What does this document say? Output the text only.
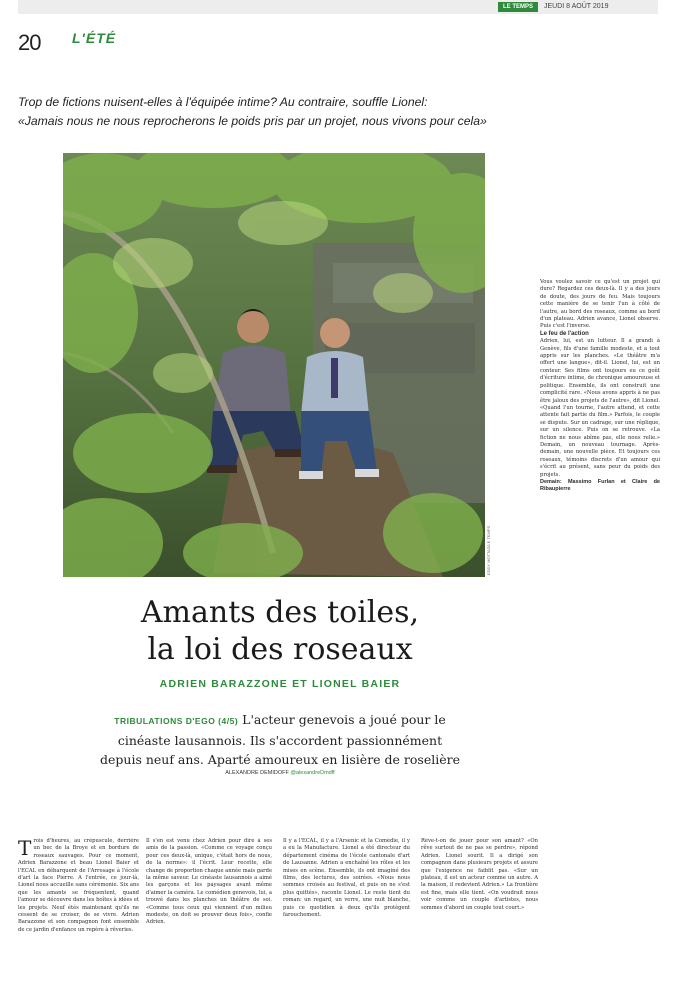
LE TEMPS	JEUDI 8 AOÛT 2019
20 L'ÉTÉ
Trop de fictions nuisent-elles à l'équipée intime? Au contraire, souffle Lionel:
«Jamais nous ne nous reprocherons le poids pris par un projet, nous vivons pour cela»
EDDY MOTTAZ/LE TEMPS
Amants des toiles,
la loi des roseaux
ADRIEN BARAZZONE ET LIONEL BAIER
TRIBULATIONS D'EGO (4/5) L'acteur genevois a joué pour le cinéaste lausannois. Ils s'accordent passionnément depuis neuf ans. Aparté amoureux en lisière de roselière
ALEXANDRE DEMIDOFF @alexandreDmdff
T rois d'heures, au crépuscule, derrière un bec de la Broye et en bordure de roseaux sauvages. Pour ce moment, Adrien Barazzone et beau Lionel Baier et l'ECAL en débarquent de l'Arrosage à l'école d'art la face Pierre. A l'entrée, ce jour-là, Lionel nous accueille sans cérémonie. Six ans que les amants se fréquentent, quand l'amour se découvre dans les boîtes à idées et les projets. Neuf étés maintenant qu'ils ne cessent de se croiser, de se vivre. Adrien Barazzone et son compagnon font ensemble de ce jardin d'enfance un repère à rêveries.

Il s'en est venu chez Adrien pour dire à ses amis de la passion. «Comme ce voyage conçu pour ces deux-là, unique, c'était hors de nous, de la norme»: il l'écrit. Leur recette, elle change de proportion chaque année mais garde la même saveur. Le cinéaste lausannois a aimé les garçons et les paysages avant même d'aimer la caméra. Le comédien genevois, lui, a trouvé dans les planches un théâtre de soi. «Comme tous ceux qui viennent d'un milieu modeste, on doit se prouver deux fois», confie Adrien.

Il y a l'ECAL, il y a l'Arsenic et la Comédie, il y a eu la Manufacture. Lionel a été directeur du département cinéma de l'école cantonale d'art de Lausanne. Adrien a enchaîné les rôles et les mises en scène. Ensemble, ils ont imaginé des films, des lectures, des soirées. «Nous nous sommes croisés au festival, et puis on ne s'est plus quittés», raconte Lionel. Le reste tient du roman: un regard, un verre, une nuit blanche, puis ce quotidien à deux qu'ils protègent farouchement.

Rêve-t-on de jouer pour son amant? «On rêve surtout de ne pas se perdre», répond Adrien. Lionel sourit. Il a dirigé son compagnon dans plusieurs projets et assure que l'exigence ne faiblit pas. «Sur un plateau, il est un acteur comme un autre. A la maison, il redevient Adrien.» La frontière est fine, mais elle tient. «On voudrait nous voir comme un couple d'artistes, nous sommes d'abord un couple tout court.»

Vous voulez savoir ce qu'est un projet qui dure? Regardez ces deux-là. Il y a des jours de doute, des jours de feu. Mais toujours cette manière de se tenir l'un à côté de l'autre, au bord des roseaux, comme au bord d'un plateau. Adrien avance, Lionel observe. Puis c'est l'inverse.

Le feu de l'action

Adrien, lui, est un lutteur. Il a grandi à Genève, fils d'une famille modeste, et a tout appris sur les planches. «Le théâtre m'a offert une langue», dit-il. Lionel, lui, est un conteur. Ses films ont toujours eu ce goût d'écriture intime, de chronique amoureuse et politique. Ensemble, ils ont construit une complicité rare. «Nous avons appris à ne pas être jaloux des projets de l'autre», dit Lionel. «Quand l'un tourne, l'autre attend, et cette attente fait partie du film.» Parfois, le couple se dispute. Sur un cadrage, sur une réplique, sur un silence. Puis on se retrouve. «La fiction ne nous abîme pas, elle nous relie.» Demain, un nouveau tournage. Après-demain, une nouvelle pièce. Et toujours ces roseaux, témoins discrets d'un amour qui s'écrit au présent, sans peur du poids des projets.

Demain: Massimo Furlan et Claire de Ribaupierre
